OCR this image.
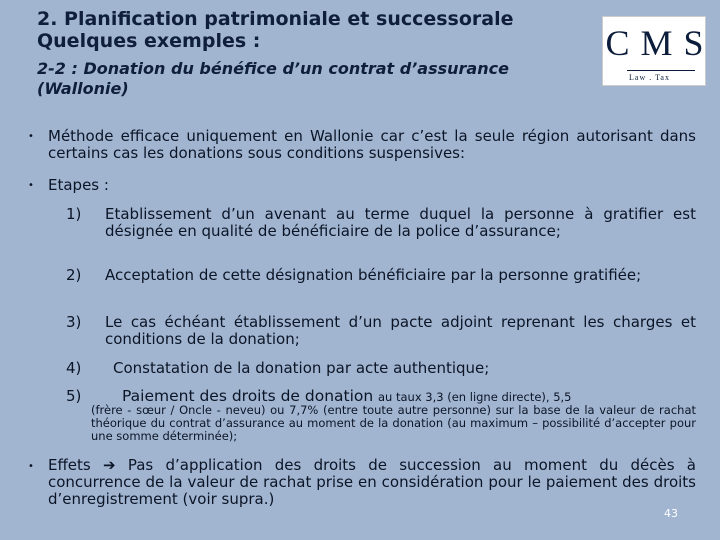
2. Planification patrimoniale et successorale
Quelques exemples :
2-2 : Donation du bénéfice d’un contrat d’assurance
(Wallonie)
C M S
Law . Tax
• Méthode efficace uniquement en Wallonie car c’est la seule région autorisant dans certains cas les donations sous conditions suspensives:
• Etapes :
1) Etablissement d’un avenant au terme duquel la personne à gratifier est désignée en qualité de bénéficiaire de la police d’assurance;
2) Acceptation de cette désignation bénéficiaire par la personne gratifiée;
3) Le cas échéant établissement d’un pacte adjoint reprenant les charges et conditions de la donation;
4) Constatation de la donation par acte authentique;
5)	Paiement des droits de donation au taux 3,3 (en ligne directe), 5,5
(frère - sœur / Oncle - neveu) ou 7,7% (entre toute autre personne) sur la base de la valeur de rachat théorique du contrat d’assurance au moment de la donation (au maximum – possibilité d’accepter pour une somme déterminée);
• Effets ➔ Pas d’application des droits de succession au moment du décès à concurrence de la valeur de rachat prise en considération pour le paiement des droits d’enregistrement (voir supra.)
43
